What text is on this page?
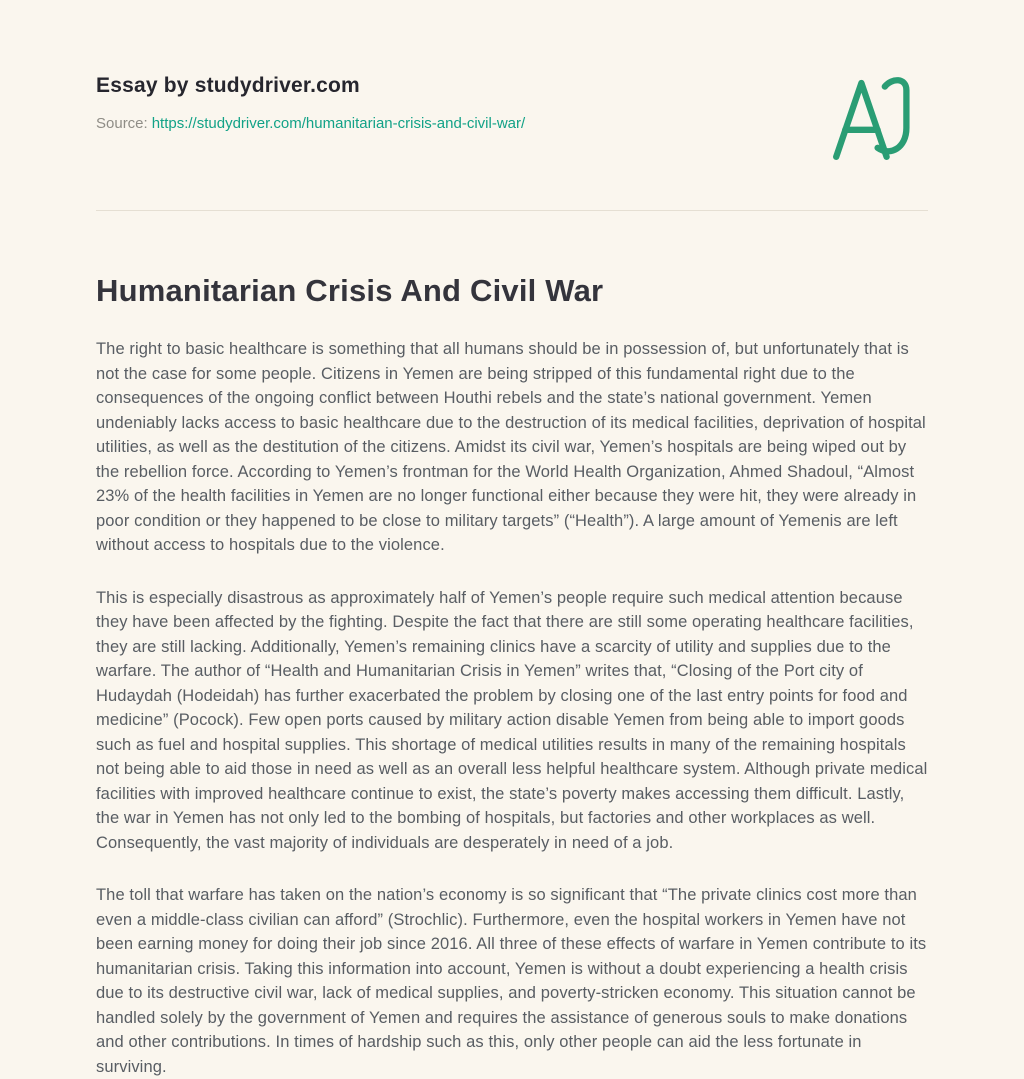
Essay by studydriver.com
Source: https://studydriver.com/humanitarian-crisis-and-civil-war/
Humanitarian Crisis And Civil War

The right to basic healthcare is something that all humans should be in possession of, but unfortunately that is not the case for some people. Citizens in Yemen are being stripped of this fundamental right due to the consequences of the ongoing conflict between Houthi rebels and the state’s national government. Yemen undeniably lacks access to basic healthcare due to the destruction of its medical facilities, deprivation of hospital utilities, as well as the destitution of the citizens. Amidst its civil war, Yemen’s hospitals are being wiped out by the rebellion force. According to Yemen’s frontman for the World Health Organization, Ahmed Shadoul, “Almost 23% of the health facilities in Yemen are no longer functional either because they were hit, they were already in poor condition or they happened to be close to military targets” (“Health”). A large amount of Yemenis are left without access to hospitals due to the violence.

This is especially disastrous as approximately half of Yemen’s people require such medical attention because they have been affected by the fighting. Despite the fact that there are still some operating healthcare facilities, they are still lacking. Additionally, Yemen’s remaining clinics have a scarcity of utility and supplies due to the warfare. The author of “Health and Humanitarian Crisis in Yemen” writes that, “Closing of the Port city of Hudaydah (Hodeidah) has further exacerbated the problem by closing one of the last entry points for food and medicine” (Pocock). Few open ports caused by military action disable Yemen from being able to import goods such as fuel and hospital supplies. This shortage of medical utilities results in many of the remaining hospitals not being able to aid those in need as well as an overall less helpful healthcare system. Although private medical facilities with improved healthcare continue to exist, the state’s poverty makes accessing them difficult. Lastly, the war in Yemen has not only led to the bombing of hospitals, but factories and other workplaces as well. Consequently, the vast majority of individuals are desperately in need of a job.

The toll that warfare has taken on the nation’s economy is so significant that “The private clinics cost more than even a middle-class civilian can afford” (Strochlic). Furthermore, even the hospital workers in Yemen have not been earning money for doing their job since 2016. All three of these effects of warfare in Yemen contribute to its humanitarian crisis. Taking this information into account, Yemen is without a doubt experiencing a health crisis due to its destructive civil war, lack of medical supplies, and poverty-stricken economy. This situation cannot be handled solely by the government of Yemen and requires the assistance of generous souls to make donations and other contributions. In times of hardship such as this, only other people can aid the less fortunate in surviving.
